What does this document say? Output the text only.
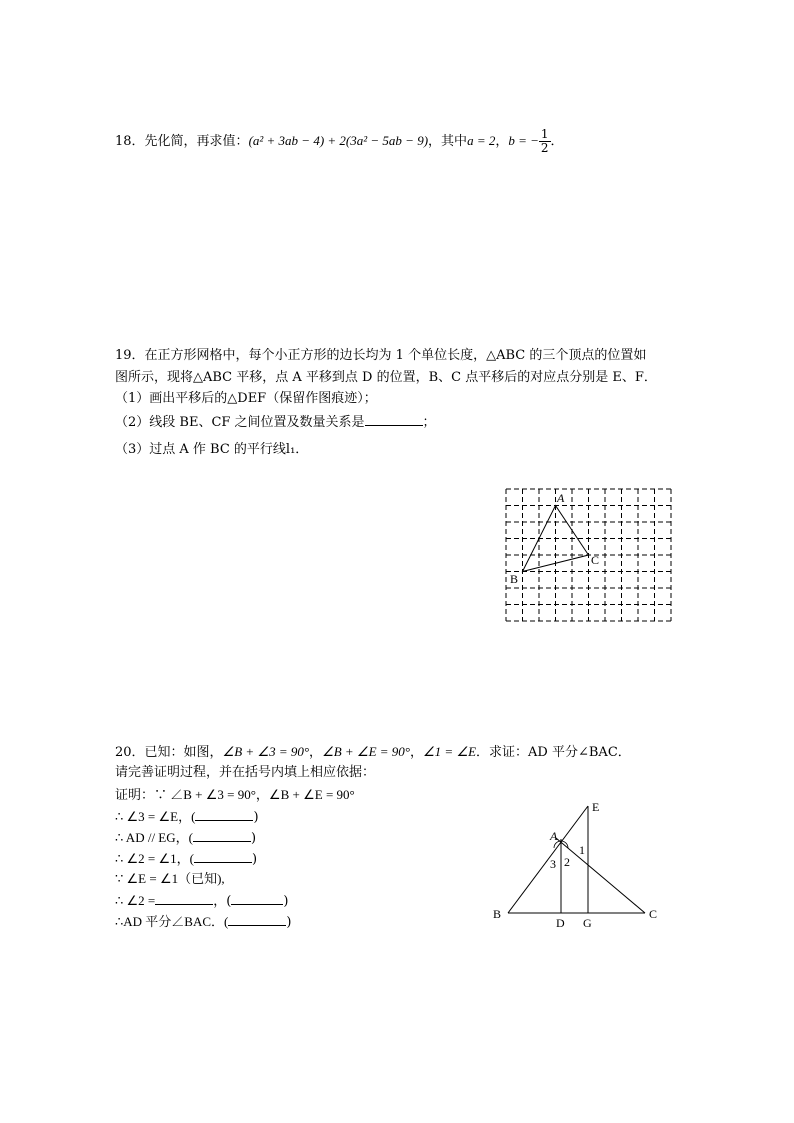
18．先化简，再求值：(a² + 3ab − 4) + 2(3a² − 5ab − 9)，其中a = 2，b = − $\frac{1}{2}$ ．
19．在正方形网格中，每个小正方形的边长均为 1 个单位长度，△ABC 的三个顶点的位置如
图所示，现将△ABC 平移，点 A 平移到点 D 的位置，B、C 点平移后的对应点分别是 E、F．
（1）画出平移后的△DEF（保留作图痕迹）；
（2）线段 BE、CF 之间位置及数量关系是	；
（3）过点 A 作 BC 的平行线l₁．
A
B
C
20．已知：如图，∠B + ∠3 = 90°，∠B + ∠E = 90°，∠1 = ∠E．求证：AD 平分∠BAC．
请完善证明过程，并在括号内填上相应依据：
证明：∵ ∠B + ∠3 = 90°，∠B + ∠E = 90°
∴ ∠3 = ∠E，(	)
∴ AD // EG，(	)
∴ ∠2 = ∠1，(	)
∵ ∠E = ∠1（已知),
∴ ∠2 =	，(	)
∴AD 平分∠BAC．(	)
E
A
B	C
D G
1
2
3
